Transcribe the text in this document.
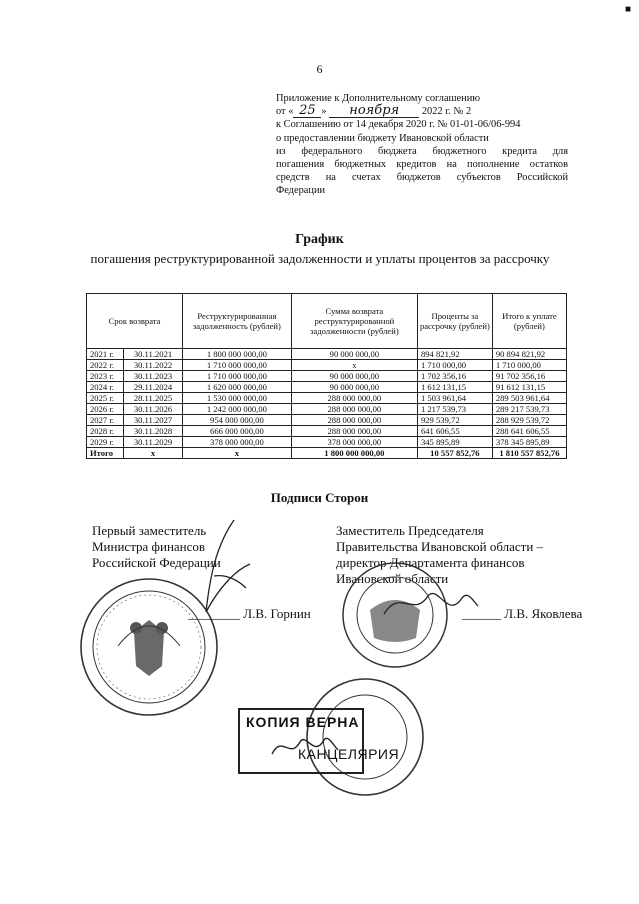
■
6
Приложение к Дополнительному соглашению
от « 25 » ноября 2022 г. № 2
к Соглашению от 14 декабря 2020 г. № 01-01-06/06-994
о предоставлении бюджету Ивановской области
из федерального бюджета бюджетного кредита для
погашения бюджетных кредитов на пополнение остатков
средств на счетах бюджетов субъектов Российской
Федерации
График
погашения реструктурированной задолженности и уплаты процентов за рассрочку
Срок возврата		Реструктурированная задолженность (рублей)	Сумма возврата реструктурированной задолженности (рублей)	Проценты за рассрочку (рублей)	Итого к уплате (рублей)
2021 г.	30.11.2021	1 800 000 000,00	90 000 000,00	894 821,92	90 894 821,92
2022 г.	30.11.2022	1 710 000 000,00	x	1 710 000,00	1 710 000,00
2023 г.	30.11.2023	1 710 000 000,00	90 000 000,00	1 702 356,16	91 702 356,16
2024 г.	29.11.2024	1 620 000 000,00	90 000 000,00	1 612 131,15	91 612 131,15
2025 г.	28.11.2025	1 530 000 000,00	288 000 000,00	1 503 961,64	289 503 961,64
2026 г.	30.11.2026	1 242 000 000,00	288 000 000,00	1 217 539,73	289 217 539,73
2027 г.	30.11.2027	954 000 000,00	288 000 000,00	929 539,72	288 929 539,72
2028 г.	30.11.2028	666 000 000,00	288 000 000,00	641 606,55	288 641 606,55
2029 г.	30.11.2029	378 000 000,00	378 000 000,00	345 895,89	378 345 895,89
Итого	x	x	1 800 000 000,00	10 557 852,76	1 810 557 852,76
Подписи Сторон
Первый заместитель
Министра финансов
Российской Федерации
Заместитель Председателя
Правительства Ивановской области –
директор Департамента финансов
Ивановской области
________ Л.В. Горнин	______ Л.В. Яковлева
КОПИЯ ВЕРНА
КАНЦЕЛЯРИЯ
